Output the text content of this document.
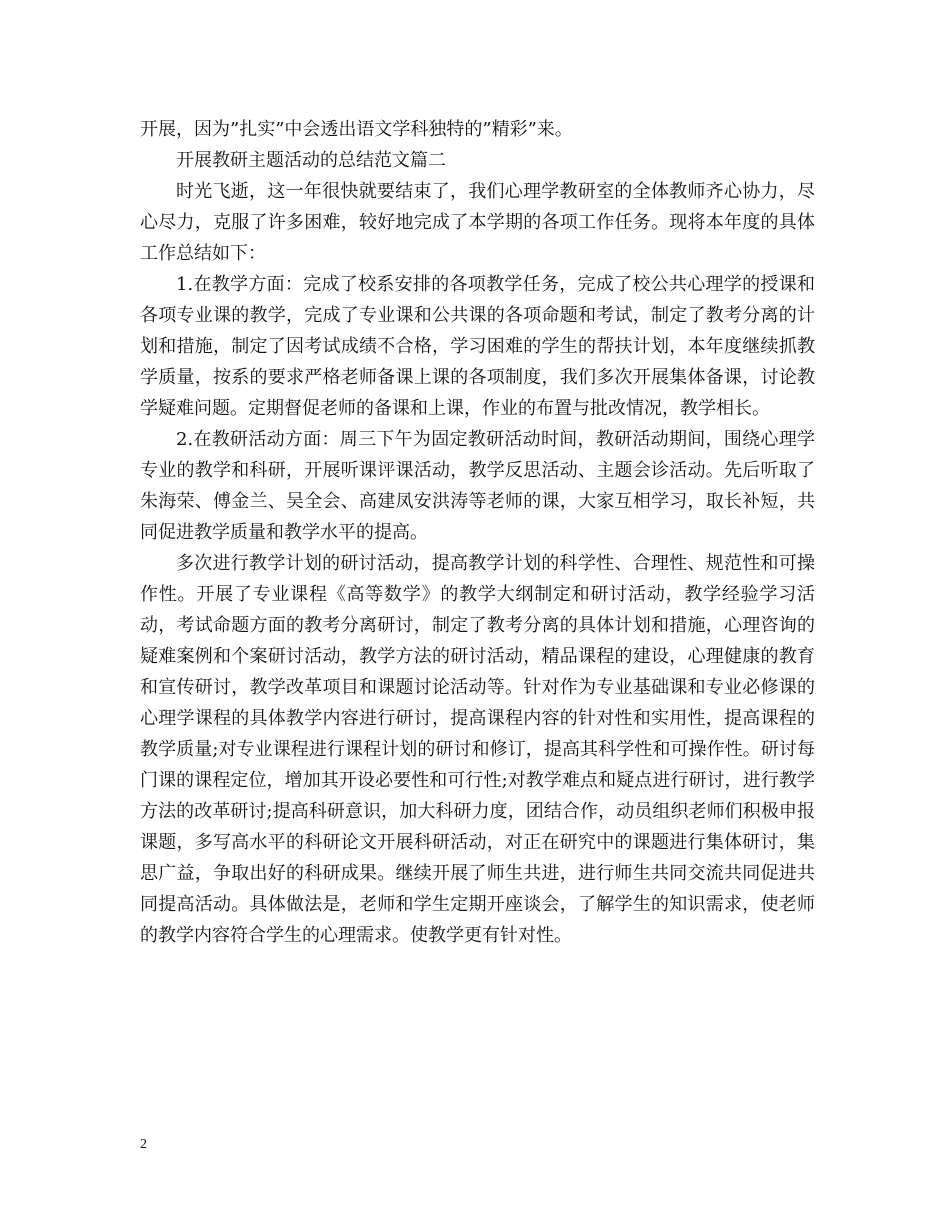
开展，因为”扎实”中会透出语文学科独特的”精彩”来。

开展教研主题活动的总结范文篇二

时光飞逝，这一年很快就要结束了，我们心理学教研室的全体教师齐心协力，尽心尽力，克服了许多困难，较好地完成了本学期的各项工作任务。现将本年度的具体工作总结如下：

1.在教学方面：完成了校系安排的各项教学任务，完成了校公共心理学的授课和各项专业课的教学，完成了专业课和公共课的各项命题和考试，制定了教考分离的计划和措施，制定了因考试成绩不合格，学习困难的学生的帮扶计划，本年度继续抓教学质量，按系的要求严格老师备课上课的各项制度，我们多次开展集体备课，讨论教学疑难问题。定期督促老师的备课和上课，作业的布置与批改情况，教学相长。

2.在教研活动方面：周三下午为固定教研活动时间，教研活动期间，围绕心理学专业的教学和科研，开展听课评课活动，教学反思活动、主题会诊活动。先后听取了朱海荣、傅金兰、吴全会、高建凤安洪涛等老师的课，大家互相学习，取长补短，共同促进教学质量和教学水平的提高。

多次进行教学计划的研讨活动，提高教学计划的科学性、合理性、规范性和可操作性。开展了专业课程《高等数学》的教学大纲制定和研讨活动，教学经验学习活动，考试命题方面的教考分离研讨，制定了教考分离的具体计划和措施，心理咨询的疑难案例和个案研讨活动，教学方法的研讨活动，精品课程的建设，心理健康的教育和宣传研讨，教学改革项目和课题讨论活动等。针对作为专业基础课和专业必修课的心理学课程的具体教学内容进行研讨，提高课程内容的针对性和实用性，提高课程的教学质量;对专业课程进行课程计划的研讨和修订，提高其科学性和可操作性。研讨每门课的课程定位，增加其开设必要性和可行性;对教学难点和疑点进行研讨，进行教学方法的改革研讨;提高科研意识，加大科研力度，团结合作，动员组织老师们积极申报课题，多写高水平的科研论文开展科研活动，对正在研究中的课题进行集体研讨，集思广益，争取出好的科研成果。继续开展了师生共进，进行师生共同交流共同促进共同提高活动。具体做法是，老师和学生定期开座谈会，了解学生的知识需求，使老师的教学内容符合学生的心理需求。使教学更有针对性。

2
